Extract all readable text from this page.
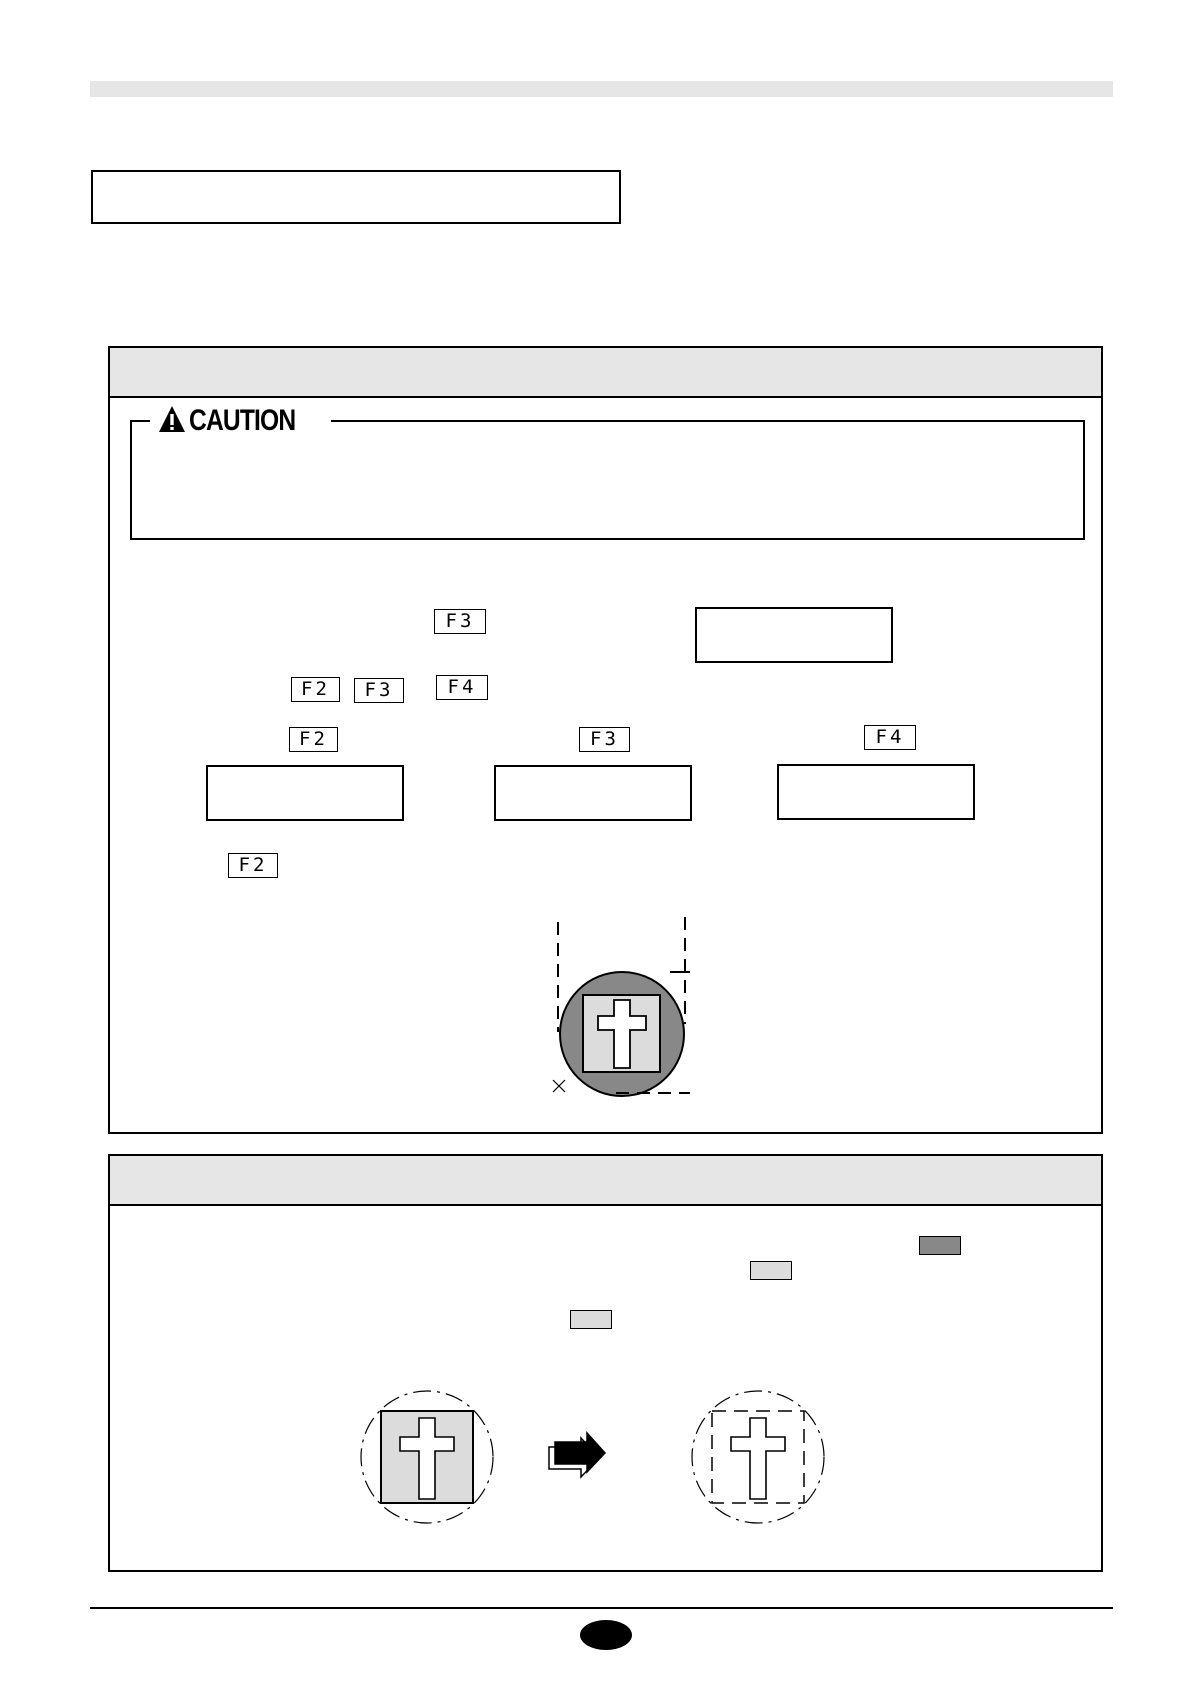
CAUTION
F3
F2	F3	F4
F2	F3	F4
F2
